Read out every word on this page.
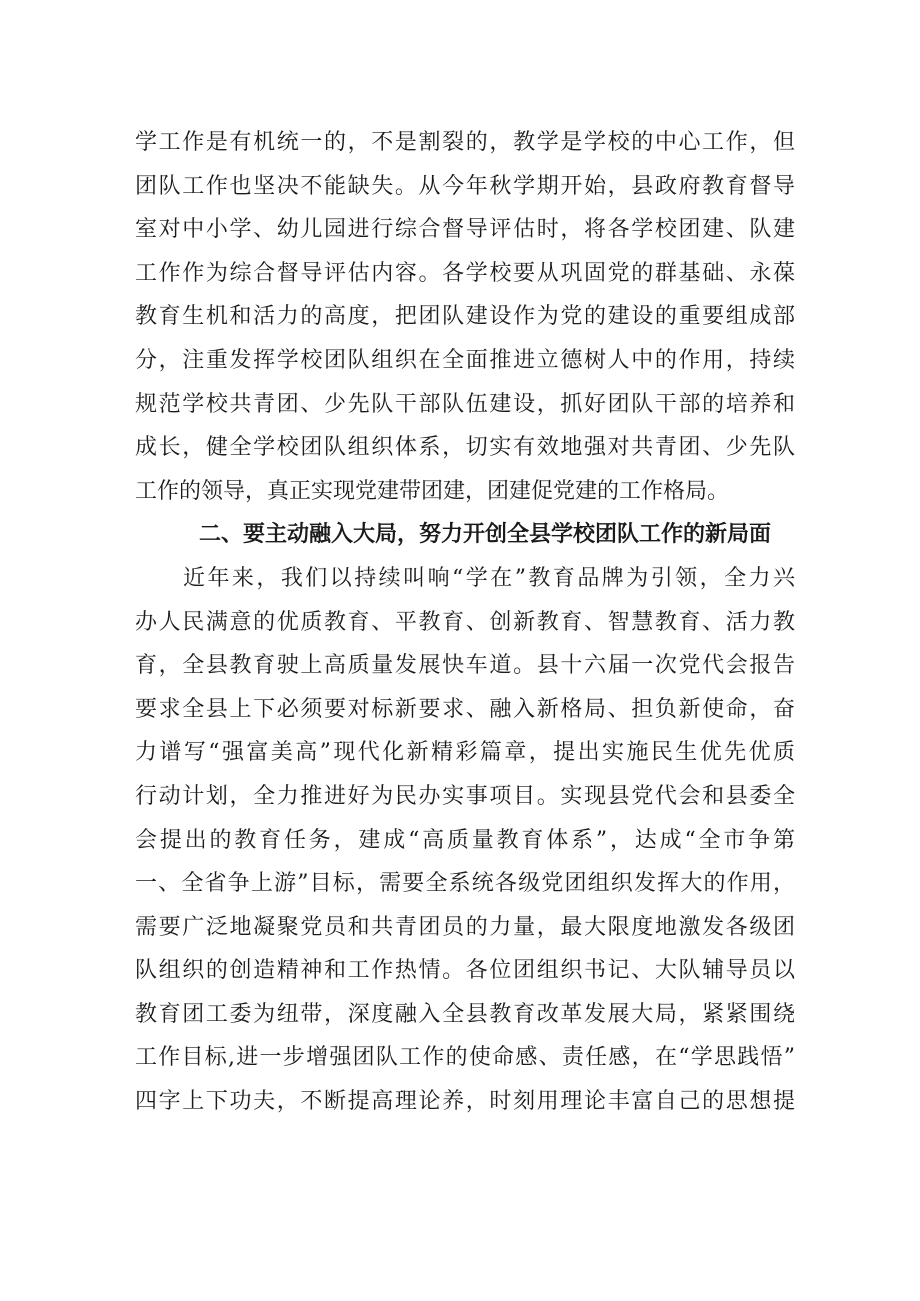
学工作是有机统一的，不是割裂的，教学是学校的中心工作，但
团队工作也坚决不能缺失。从今年秋学期开始，县政府教育督导
室对中小学、幼儿园进行综合督导评估时，将各学校团建、队建
工作作为综合督导评估内容。各学校要从巩固党的群基础、永葆
教育生机和活力的高度，把团队建设作为党的建设的重要组成部
分，注重发挥学校团队组织在全面推进立德树人中的作用，持续
规范学校共青团、少先队干部队伍建设，抓好团队干部的培养和
成长，健全学校团队组织体系，切实有效地强对共青团、少先队
工作的领导，真正实现党建带团建，团建促党建的工作格局。
二、要主动融入大局，努力开创全县学校团队工作的新局面
近年来，我们以持续叫响“学在”教育品牌为引领，全力兴
办人民满意的优质教育、平教育、创新教育、智慧教育、活力教
育，全县教育驶上高质量发展快车道。县十六届一次党代会报告
要求全县上下必须要对标新要求、融入新格局、担负新使命，奋
力谱写“强富美高”现代化新精彩篇章，提出实施民生优先优质
行动计划，全力推进好为民办实事项目。实现县党代会和县委全
会提出的教育任务，建成“高质量教育体系”，达成“全市争第
一、全省争上游”目标，需要全系统各级党团组织发挥大的作用，
需要广泛地凝聚党员和共青团员的力量，最大限度地激发各级团
队组织的创造精神和工作热情。各位团组织书记、大队辅导员以
教育团工委为纽带，深度融入全县教育改革发展大局，紧紧围绕
工作目标,进一步增强团队工作的使命感、责任感，在“学思践悟”
四字上下功夫，不断提高理论养，时刻用理论丰富自己的思想提
